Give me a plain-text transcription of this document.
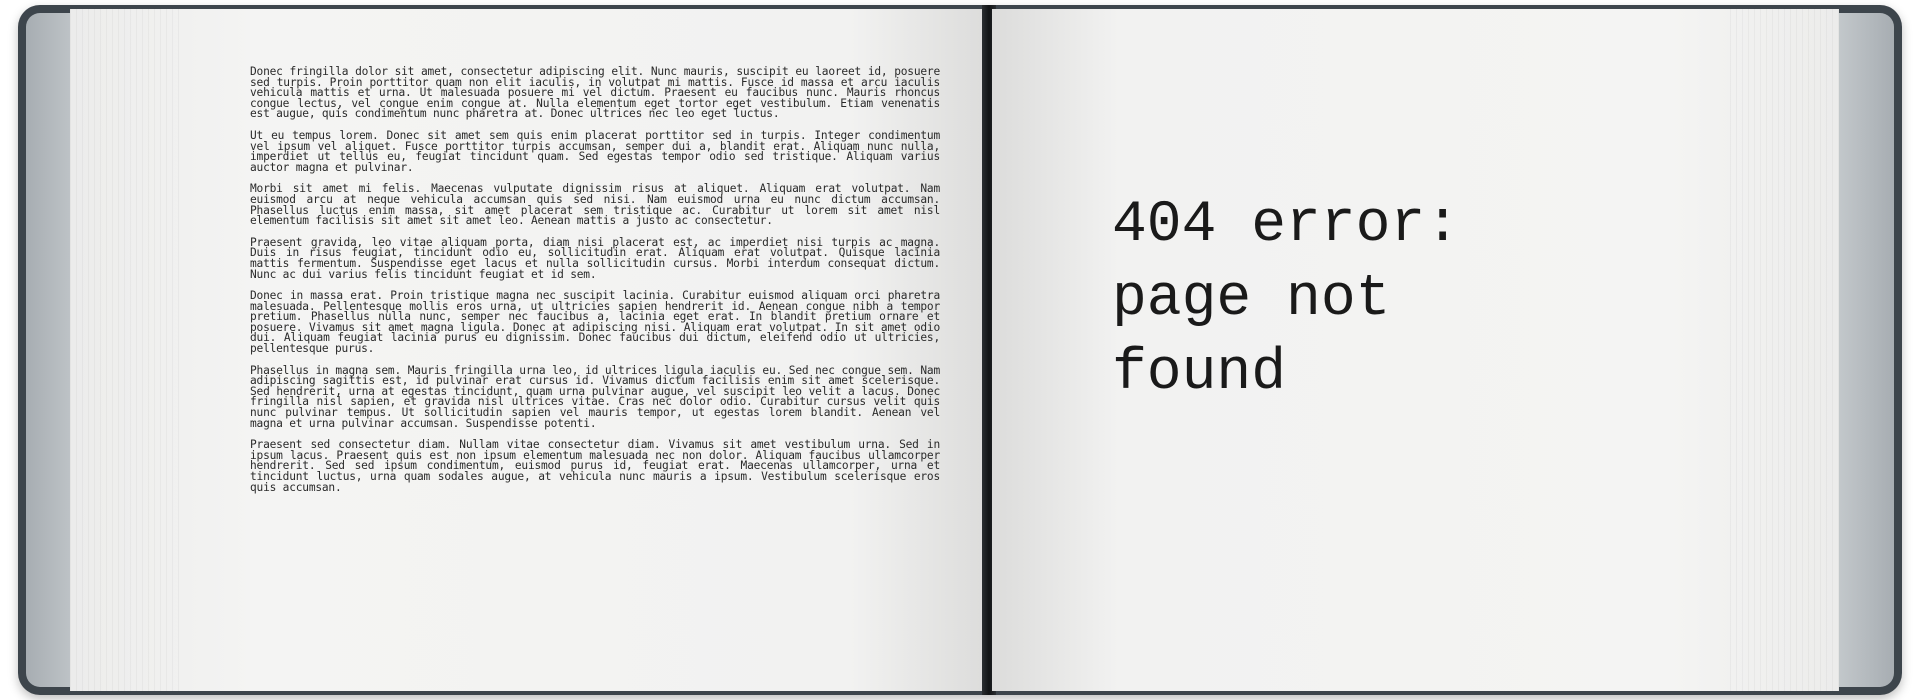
Donec fringilla dolor sit amet, consectetur adipiscing elit. Nunc mauris, suscipit eu laoreet id, posuere sed turpis. Proin porttitor quam non elit iaculis, in volutpat mi mattis. Fusce id massa et arcu iaculis vehicula mattis et urna. Ut malesuada posuere mi vel dictum. Praesent eu faucibus nunc. Mauris rhoncus congue lectus, vel congue enim congue at. Nulla elementum eget tortor eget vestibulum. Etiam venenatis est augue, quis condimentum nunc pharetra at. Donec ultrices nec leo eget luctus.

Ut eu tempus lorem. Donec sit amet sem quis enim placerat porttitor sed in turpis. Integer condimentum vel ipsum vel aliquet. Fusce porttitor turpis accumsan, semper dui a, blandit erat. Aliquam nunc nulla, imperdiet ut tellus eu, feugiat tincidunt quam. Sed egestas tempor odio sed tristique. Aliquam varius auctor magna et pulvinar.

Morbi sit amet mi felis. Maecenas vulputate dignissim risus at aliquet. Aliquam erat volutpat. Nam euismod arcu at neque vehicula accumsan quis sed nisi. Nam euismod urna eu nunc dictum accumsan. Phasellus luctus enim massa, sit amet placerat sem tristique ac. Curabitur ut lorem sit amet nisl elementum facilisis sit amet sit amet leo. Aenean mattis a justo ac consectetur.

Praesent gravida, leo vitae aliquam porta, diam nisi placerat est, ac imperdiet nisi turpis ac magna. Duis in risus feugiat, tincidunt odio eu, sollicitudin erat. Aliquam erat volutpat. Quisque lacinia mattis fermentum. Suspendisse eget lacus et nulla sollicitudin cursus. Morbi interdum consequat dictum. Nunc ac dui varius felis tincidunt feugiat et id sem.

Donec in massa erat. Proin tristique magna nec suscipit lacinia. Curabitur euismod aliquam orci pharetra malesuada. Pellentesque mollis eros urna, ut ultricies sapien hendrerit id. Aenean congue nibh a tempor pretium. Phasellus nulla nunc, semper nec faucibus a, lacinia eget erat. In blandit pretium ornare et posuere. Vivamus sit amet magna ligula. Donec at adipiscing nisi. Aliquam erat volutpat. In sit amet odio dui. Aliquam feugiat lacinia purus eu dignissim. Donec faucibus dui dictum, eleifend odio ut ultricies, pellentesque purus.

Phasellus in magna sem. Mauris fringilla urna leo, id ultrices ligula iaculis eu. Sed nec congue sem. Nam adipiscing sagittis est, id pulvinar erat cursus id. Vivamus dictum facilisis enim sit amet scelerisque. Sed hendrerit, urna at egestas tincidunt, quam urna pulvinar augue, vel suscipit leo velit a lacus. Donec fringilla nisl sapien, et gravida nisl ultrices vitae. Cras nec dolor odio. Curabitur cursus velit quis nunc pulvinar tempus. Ut sollicitudin sapien vel mauris tempor, ut egestas lorem blandit. Aenean vel magna et urna pulvinar accumsan. Suspendisse potenti.

Praesent sed consectetur diam. Nullam vitae consectetur diam. Vivamus sit amet vestibulum urna. Sed in ipsum lacus. Praesent quis est non ipsum elementum malesuada nec non dolor. Aliquam faucibus ullamcorper hendrerit. Sed sed ipsum condimentum, euismod purus id, feugiat erat. Maecenas ullamcorper, urna et tincidunt luctus, urna quam sodales augue, at vehicula nunc mauris a ipsum. Vestibulum scelerisque eros quis accumsan.

404 error:
page not
found
